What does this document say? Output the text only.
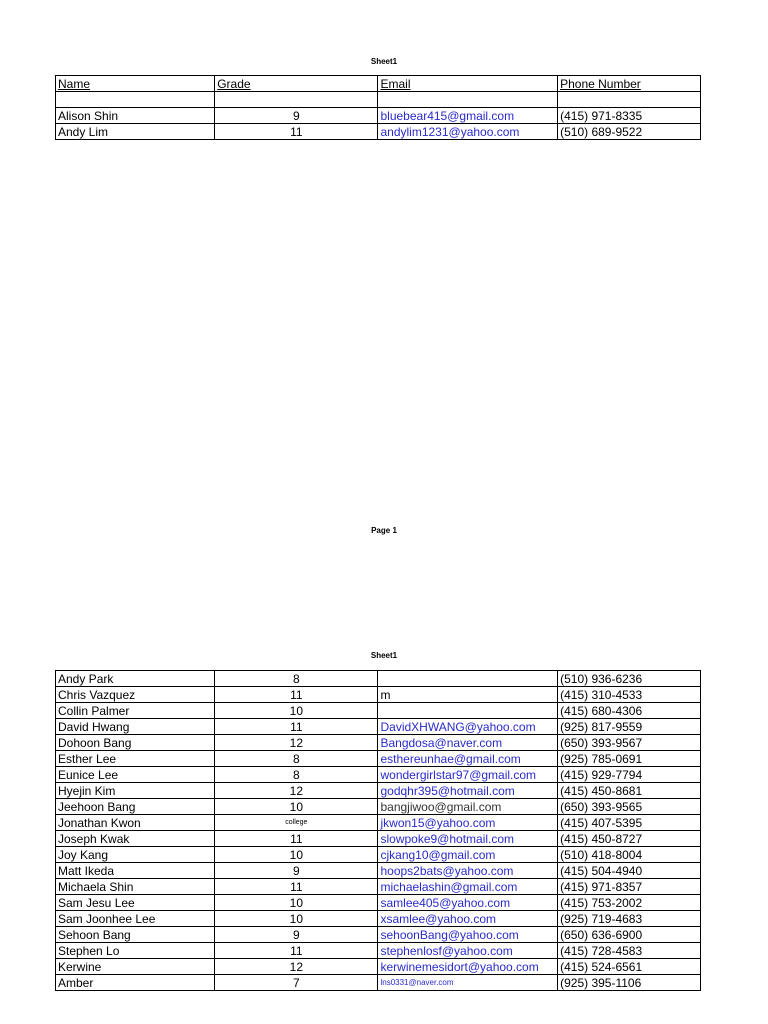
Sheet1
Name	Grade	Email	Phone Number

Alison Shin	9	bluebear415@gmail.com	(415) 971-8335
Andy Lim	11	andylim1231@yahoo.com	(510) 689-9522
Page 1
Sheet1
Andy Park	8		(510) 936-6236
Chris Vazquez	11	m	(415) 310-4533
Collin Palmer	10		(415) 680-4306
David Hwang	11	DavidXHWANG@yahoo.com	(925) 817-9559
Dohoon Bang	12	Bangdosa@naver.com	(650) 393-9567
Esther Lee	8	esthereunhae@gmail.com	(925) 785-0691
Eunice Lee	8	wondergirlstar97@gmail.com	(415) 929-7794
Hyejin Kim	12	godqhr395@hotmail.com	(415) 450-8681
Jeehoon Bang	10	bangjiwoo@gmail.com	(650) 393-9565
Jonathan Kwon	college	jkwon15@yahoo.com	(415) 407-5395
Joseph Kwak	11	slowpoke9@hotmail.com	(415) 450-8727
Joy Kang	10	cjkang10@gmail.com	(510) 418-8004
Matt Ikeda	9	hoops2bats@yahoo.com	(415) 504-4940
Michaela Shin	11	michaelashin@gmail.com	(415) 971-8357
Sam Jesu Lee	10	samlee405@yahoo.com	(415) 753-2002
Sam Joonhee Lee	10	xsamlee@yahoo.com	(925) 719-4683
Sehoon Bang	9	sehoonBang@yahoo.com	(650) 636-6900
Stephen Lo	11	stephenlosf@yahoo.com	(415) 728-4583
Kerwine	12	kerwinemesidort@yahoo.com	(415) 524-6561
Amber	7	lns0331@naver.com	(925) 395-1106
